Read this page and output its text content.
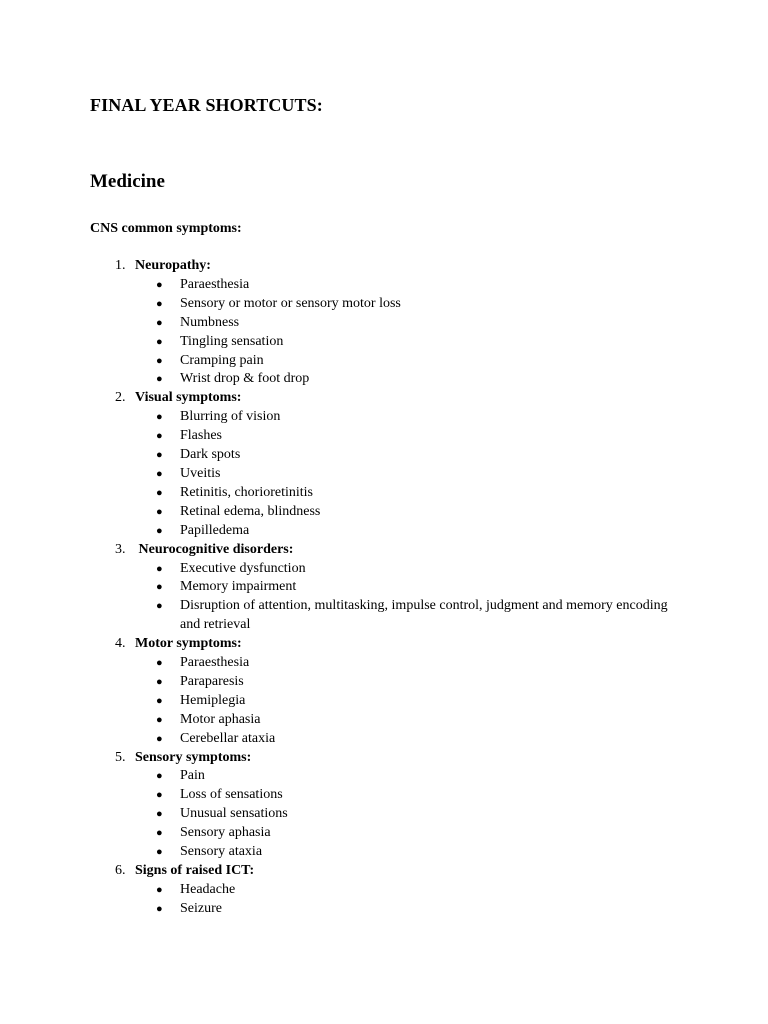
FINAL YEAR SHORTCUTS:
Medicine
CNS common symptoms:
1. Neuropathy:
●	Paraesthesia
●	Sensory or motor or sensory motor loss
●	Numbness
●	Tingling sensation
●	Cramping pain
●	Wrist drop & foot drop
2. Visual symptoms:
●	Blurring of vision
●	Flashes
●	Dark spots
●	Uveitis
●	Retinitis, chorioretinitis
●	Retinal edema, blindness
●	Papilledema
3. Neurocognitive disorders:
●	Executive dysfunction
●	Memory impairment
●	Disruption of attention, multitasking, impulse control, judgment and memory encoding and retrieval
4. Motor symptoms:
●	Paraesthesia
●	Paraparesis
●	Hemiplegia
●	Motor aphasia
●	Cerebellar ataxia
5. Sensory symptoms:
●	Pain
●	Loss of sensations
●	Unusual sensations
●	Sensory aphasia
●	Sensory ataxia
6. Signs of raised ICT:
●	Headache
●	Seizure
